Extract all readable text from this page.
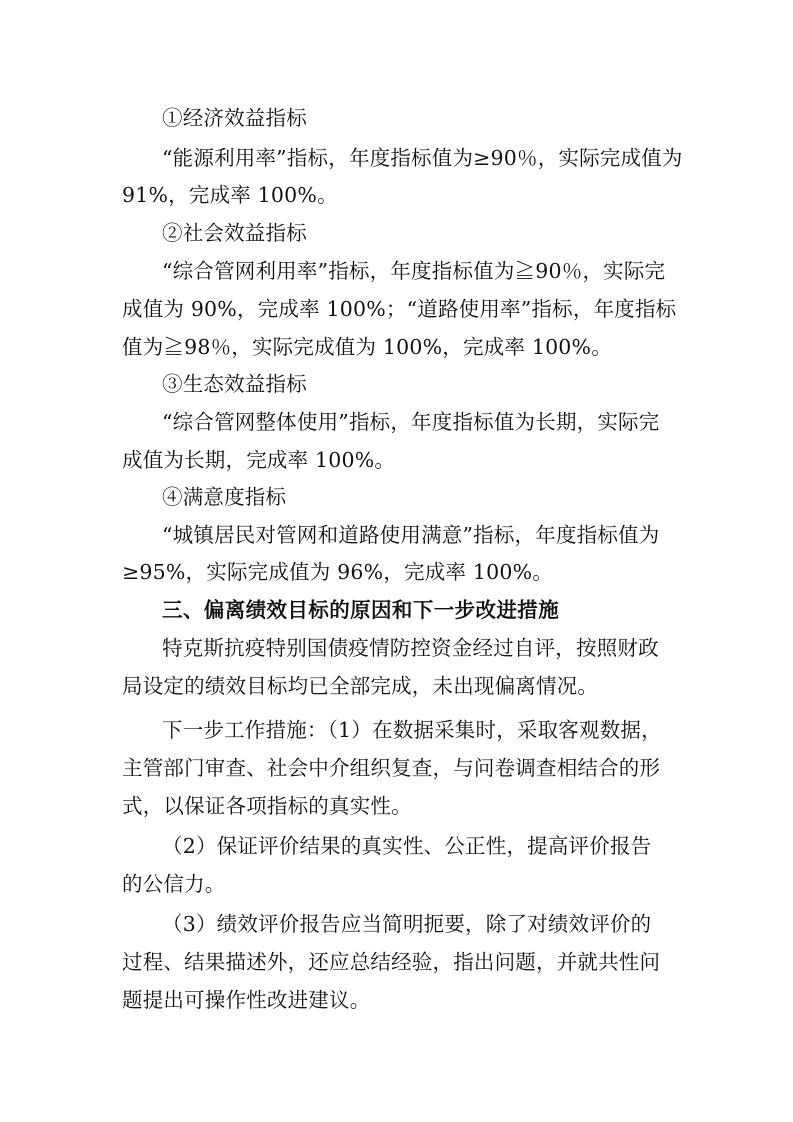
①经济效益指标
“能源利用率”指标，年度指标值为≥90％，实际完成值为
91%，完成率 100%。
②社会效益指标
“综合管网利用率”指标，年度指标值为≧90％，实际完
成值为 90%，完成率 100%；“道路使用率”指标，年度指标
值为≧98％，实际完成值为 100%，完成率 100%。
③生态效益指标
“综合管网整体使用”指标，年度指标值为长期，实际完
成值为长期，完成率 100%。
④满意度指标
“城镇居民对管网和道路使用满意”指标，年度指标值为
≥95%，实际完成值为 96%，完成率 100%。
三、偏离绩效目标的原因和下一步改进措施
特克斯抗疫特别国债疫情防控资金经过自评，按照财政
局设定的绩效目标均已全部完成，未出现偏离情况。
下一步工作措施：（1）在数据采集时，采取客观数据，
主管部门审查、社会中介组织复查，与问卷调查相结合的形
式，以保证各项指标的真实性。
（2）保证评价结果的真实性、公正性，提高评价报告
的公信力。
（3）绩效评价报告应当简明扼要，除了对绩效评价的
过程、结果描述外，还应总结经验，指出问题，并就共性问
题提出可操作性改进建议。
